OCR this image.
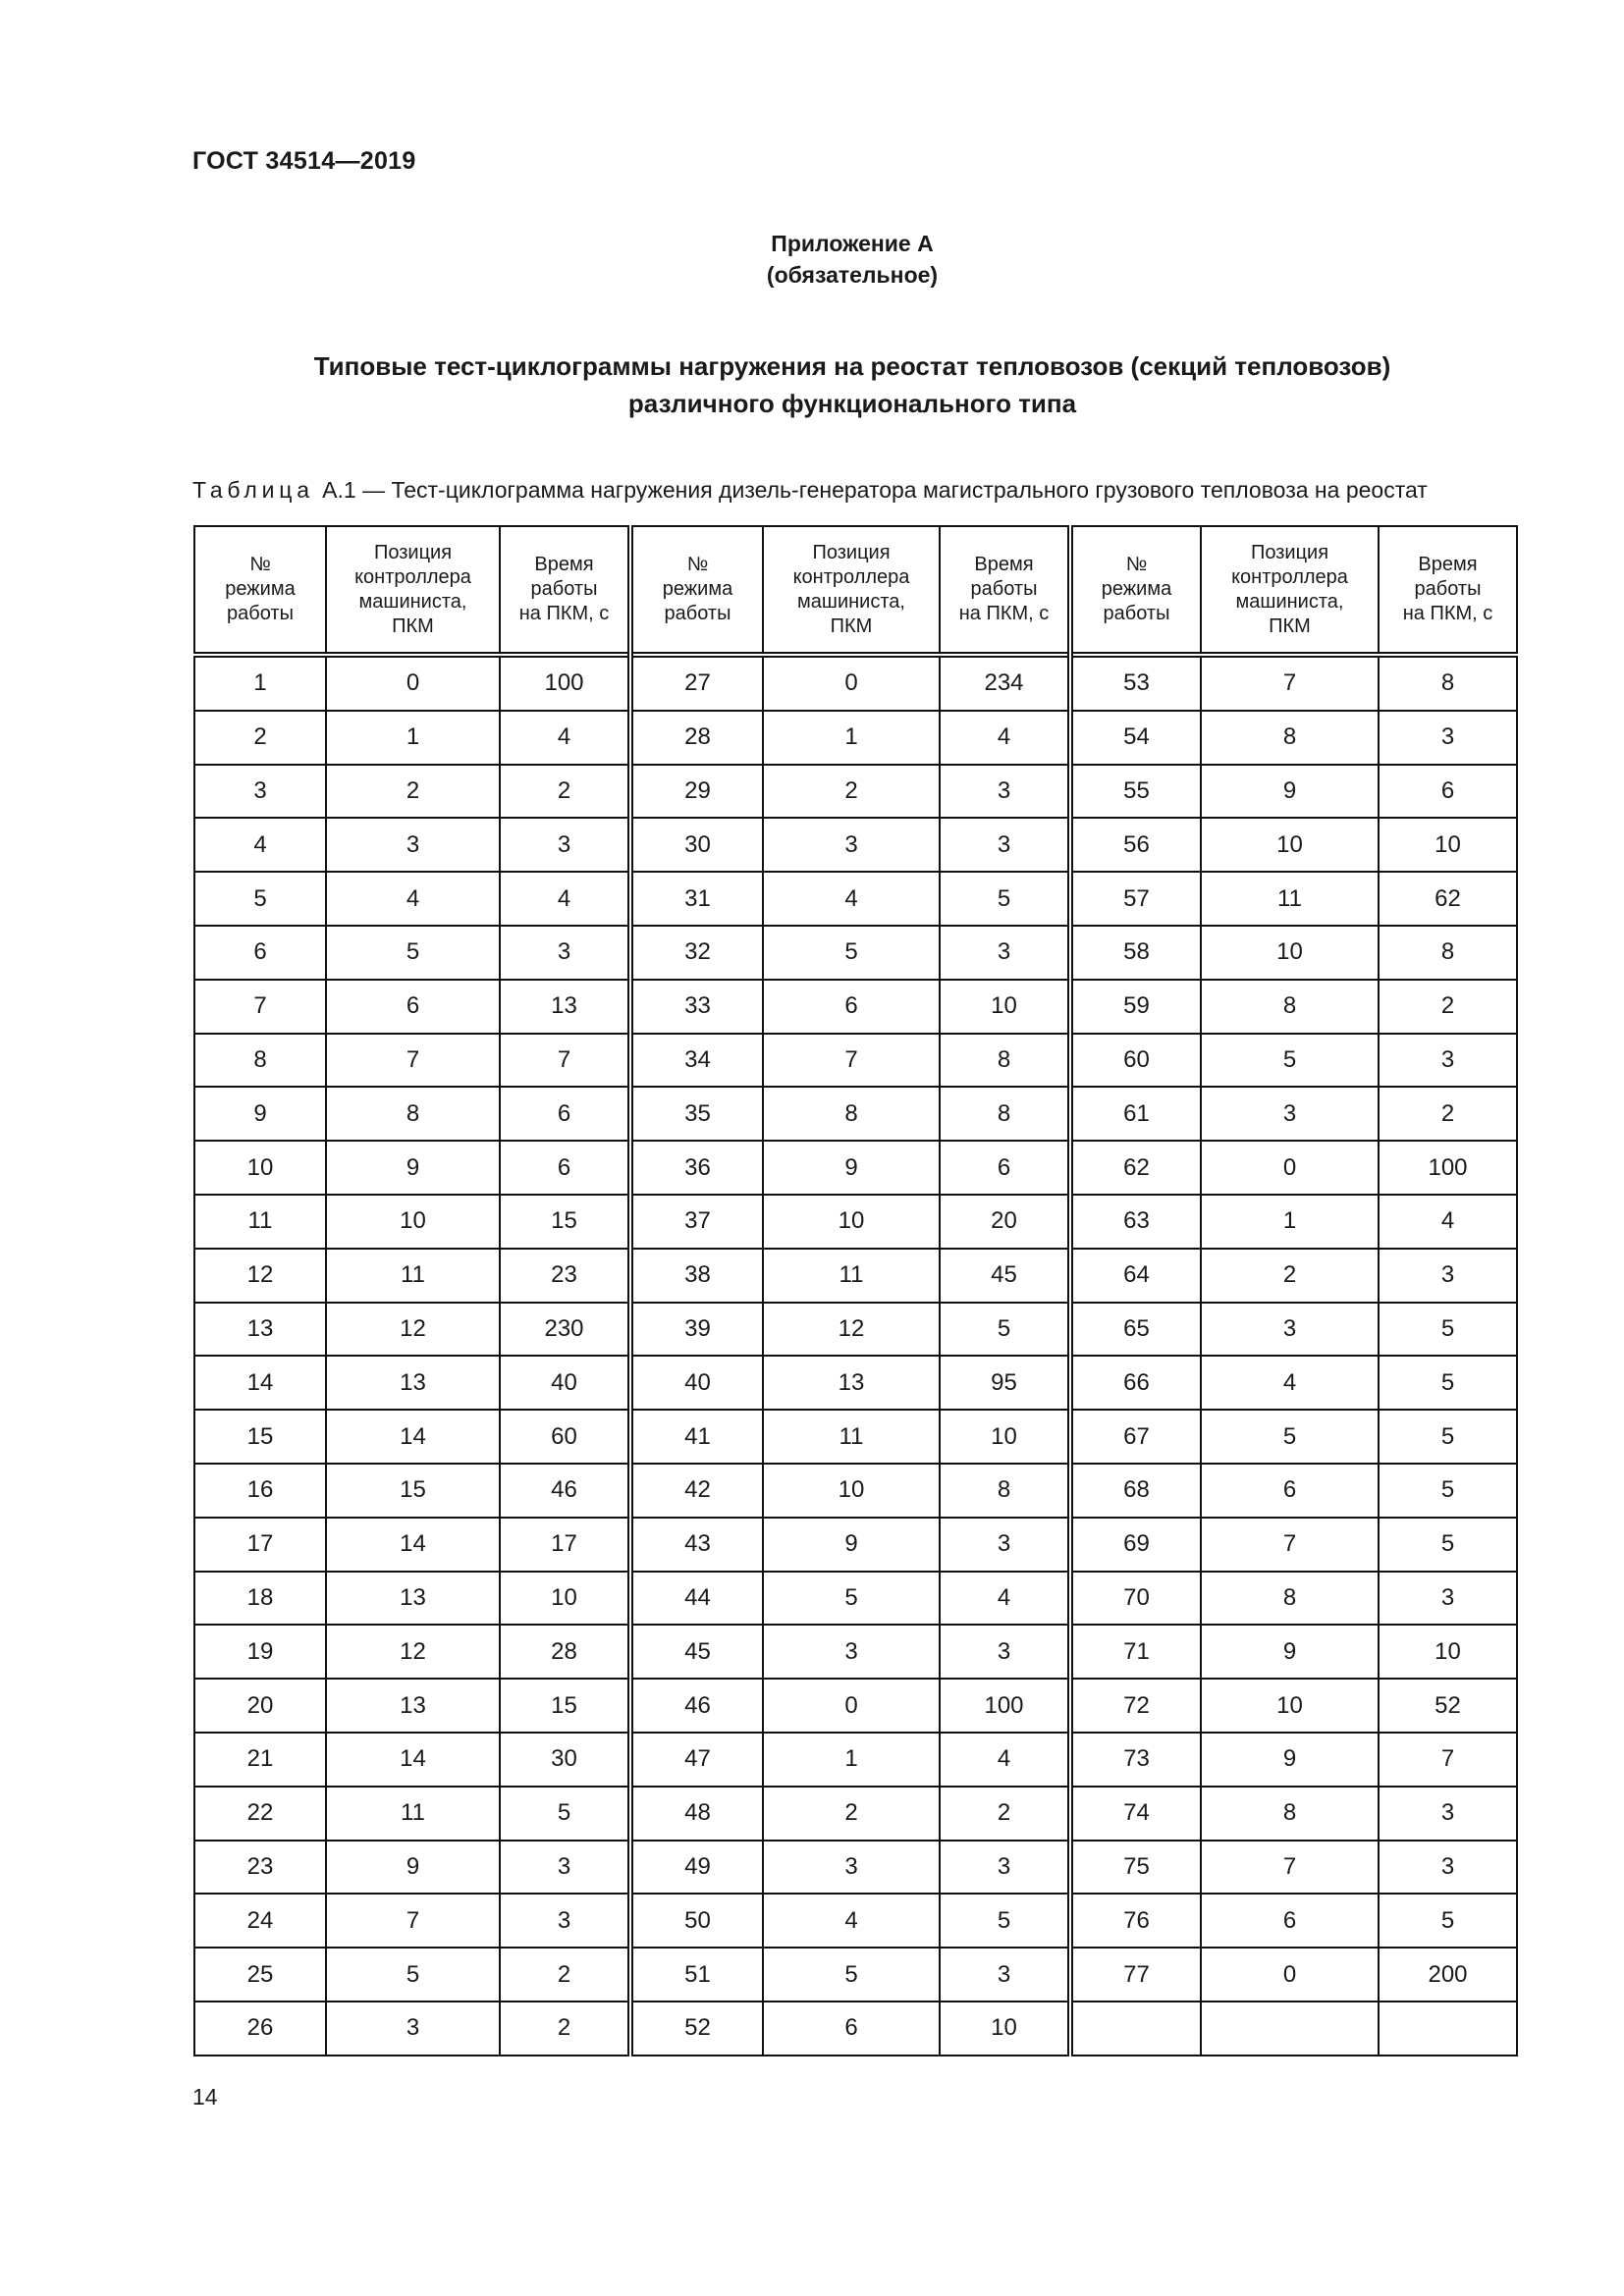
ГОСТ 34514—2019
Приложение А
(обязательное)
Типовые тест-циклограммы нагружения на реостат тепловозов (секций тепловозов)
различного функционального типа
Таблица А.1 — Тест-циклограмма нагружения дизель-генератора магистрального грузового тепловоза на реостат
№
режима
работы	Позиция
контроллера
машиниста,
ПКМ	Время
работы
на ПКМ, с	№
режима
работы	Позиция
контроллера
машиниста,
ПКМ	Время
работы
на ПКМ, с	№
режима
работы	Позиция
контроллера
машиниста,
ПКМ	Время
работы
на ПКМ, с
1	0	100	27	0	234	53	7	8
2	1	4	28	1	4	54	8	3
3	2	2	29	2	3	55	9	6
4	3	3	30	3	3	56	10	10
5	4	4	31	4	5	57	11	62
6	5	3	32	5	3	58	10	8
7	6	13	33	6	10	59	8	2
8	7	7	34	7	8	60	5	3
9	8	6	35	8	8	61	3	2
10	9	6	36	9	6	62	0	100
11	10	15	37	10	20	63	1	4
12	11	23	38	11	45	64	2	3
13	12	230	39	12	5	65	3	5
14	13	40	40	13	95	66	4	5
15	14	60	41	11	10	67	5	5
16	15	46	42	10	8	68	6	5
17	14	17	43	9	3	69	7	5
18	13	10	44	5	4	70	8	3
19	12	28	45	3	3	71	9	10
20	13	15	46	0	100	72	10	52
21	14	30	47	1	4	73	9	7
22	11	5	48	2	2	74	8	3
23	9	3	49	3	3	75	7	3
24	7	3	50	4	5	76	6	5
25	5	2	51	5	3	77	0	200
26	3	2	52	6	10			
14
